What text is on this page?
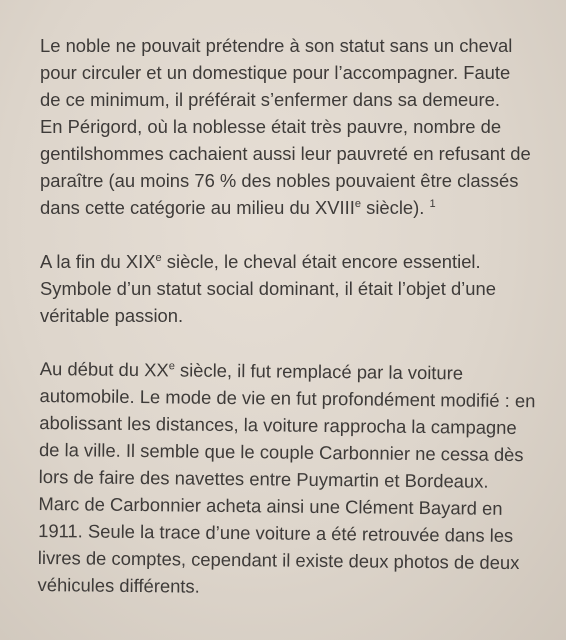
Le noble ne pouvait prétendre à son statut sans un cheval
pour circuler et un domestique pour l’accompagner. Faute
de ce minimum, il préférait s’enfermer dans sa demeure.
En Périgord, où la noblesse était très pauvre, nombre de
gentilshommes cachaient aussi leur pauvreté en refusant de
paraître (au moins 76 % des nobles pouvaient être classés
dans cette catégorie au milieu du XVIIIe siècle). $^1$
A la fin du XIXe siècle, le cheval était encore essentiel.
Symbole d’un statut social dominant, il était l’objet d’une
véritable passion.
Au début du XXe siècle, il fut remplacé par la voiture
automobile. Le mode de vie en fut profondément modifié : en
abolissant les distances, la voiture rapprocha la campagne
de la ville. Il semble que le couple Carbonnier ne cessa dès
lors de faire des navettes entre Puymartin et Bordeaux.
Marc de Carbonnier acheta ainsi une Clément Bayard en
1911. Seule la trace d’une voiture a été retrouvée dans les
livres de comptes, cependant il existe deux photos de deux
véhicules différents.
